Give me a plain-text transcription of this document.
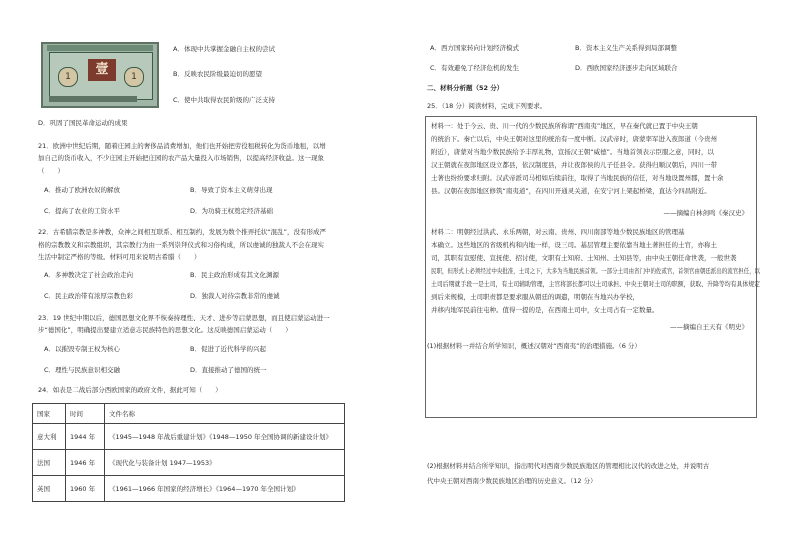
1	壹	1
A．体现中共掌握金融自主权的尝试
B．反映农民阶级最迫切的愿望
C．使中共取得农民阶级的广泛支持
D．巩固了国民革命运动的成果
21．欧洲中世纪后期，随着庄园主的奢侈品消费增加，他们也开始把劳役租税转化为货币地租，以增
加自己的货币收入，不少庄园主开始把庄园的农产品大量投入市场销售，以提高经济收益。这一现象
（　　）
A．推动了欧洲农奴的解放	B．导致了资本主义萌芽出现
C．提高了农业的工资水平	D．为功骑王权奠定经济基础
22．古希腊宗教是多神教，众神之间相互联系、相互制约，发展为数个推弄托状“混乱”，没有形成严
格的宗教教义和宗教组织，其宗教行为由一系列崇拜仪式和习俗构成，所以虔诚的独裁人不会在现实
生活中制定严格的等级。材料可用来说明古希腊（　　）
A．多神教决定了社会政治走向	B．民主政治形成有其文化渊源
C．民主政治带有浓厚宗教色彩	D．独裁人对待宗教非常的虔诚
23．19 世纪中期以后，德国思想文化界不恢奏持理性、天才、进步等启蒙思想，而且使启蒙运动进一
步“德国化”，明确提出要建立适意志民族特色的思想文化。这反映德国启蒙运动（　　）
A．以摧毁专制王权为核心	B．促进了近代科学的兴起
C．理性与民族意识相交融	D．直接推动了德国的统一
24．如表是二战后部分西欧国家的政府文件，据此可知（　　）
国家	时间	文件名称
意大利	1944 年	《1945—1948 年战后重建计划》《1948—1950 年全国协调的新建设计划》
法国	1946 年	《现代化与装备计划 1947—1953》
英国	1960 年	《1961—1966 年国家的经济增长》《1964—1970 年全国计划》
A．西方国家转向计划经济模式	B．资本主义生产关系得到局部调整
C．有效避免了经济危机的发生	D．西欧国家经济逐步走向区域联合
二、材料分析题（52 分）
25．（18 分）阅读材料，完成下列要求。
材料一：处于今云、贵、川一代的少数民族所称谓“西南夷”地区，早在秦代就已置于中央王朝
的统治下。秦亡以后，中央王朝对这里的统治有一度中断。汉武帝时，唐蒙率军进入夜郎道（今贵州
附近），唐蒙对当地少数民族给予丰厚礼物，宣扬汉王朝“威德”。当地首领表示臣服之意，同时，以
汉王朝就在夜郎地区设立都县，依汉制度县，并让夜郎侯的儿子任县令。获得归顺汉朝后，四川一带
土著也纷纷要求归附。汉武帝派司马相如后续前往，取得了当地民族的信任，对当地设置州郡，置十余
县。汉朝在夜郎地区修筑“南夷道”，在四川开通灵关道，在安宁河上架起桥梁，直达今四昌附近。
——摘编自林剑鸣《秦汉史》
材料二：明朝经过洪武、永乐两朝，对云南、贵州、四川南部等地少数民族地区的管理基
本确立。这些地区的省级机构和内地一样，设三司。基层管理主要依靠当地土著担任的土官，亦称土
司，其职有宣慰使、宣抚使、招讨使，文职有土知府、土知州、土知县等，由中央王朝任命世袭，一般世袭
民职，但形式上必须经过中央批准，土司之下，大多为当地民族首领。一部分土司由省门中的佐贰官，首领官由朝廷派出的流官担任，以
土司后期就手段一是土司，有土司辅助管理，主官将部长都可以土司承担、中央王朝对土司的职额，获取、升降等均有具体规定
到后来规模，土司职责都是要求服从朝廷的调遣，明朝在当地兴办学校，
并移内地军民前往屯种。值得一提的是，在西南土司中，女土司占有一定数量。
——摘编自王天有《明史》
(1)根据材料一并结合所学知识，概述汉朝对“西南夷”的治理措施。（6 分）
(2)根据材料并结合所学知识，指出明代对西南少数民族地区的管理相比汉代的改进之处，并说明古
代中央王朝对西南少数民族地区治理的历史意义。（12 分）
